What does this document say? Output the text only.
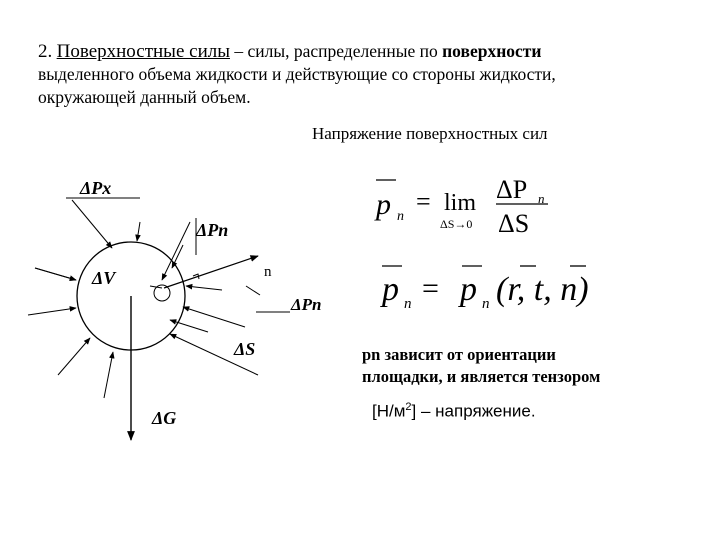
2. Поверхностные силы – силы, распределенные по поверхности
выделенного объема жидкости и действующие со стороны жидкости,
окружающей данный объем.
Напряжение поверхностных сил
ΔPx
ΔPn
n
ΔV
ΔPn
ΔS
ΔG
p n
= lim
ΔS→0
ΔP n
ΔS
p n = p n (r, t, n)
pn зависит от ориентации
площадки, и является тензором
$[Н/м^2]$ – напряжение.
